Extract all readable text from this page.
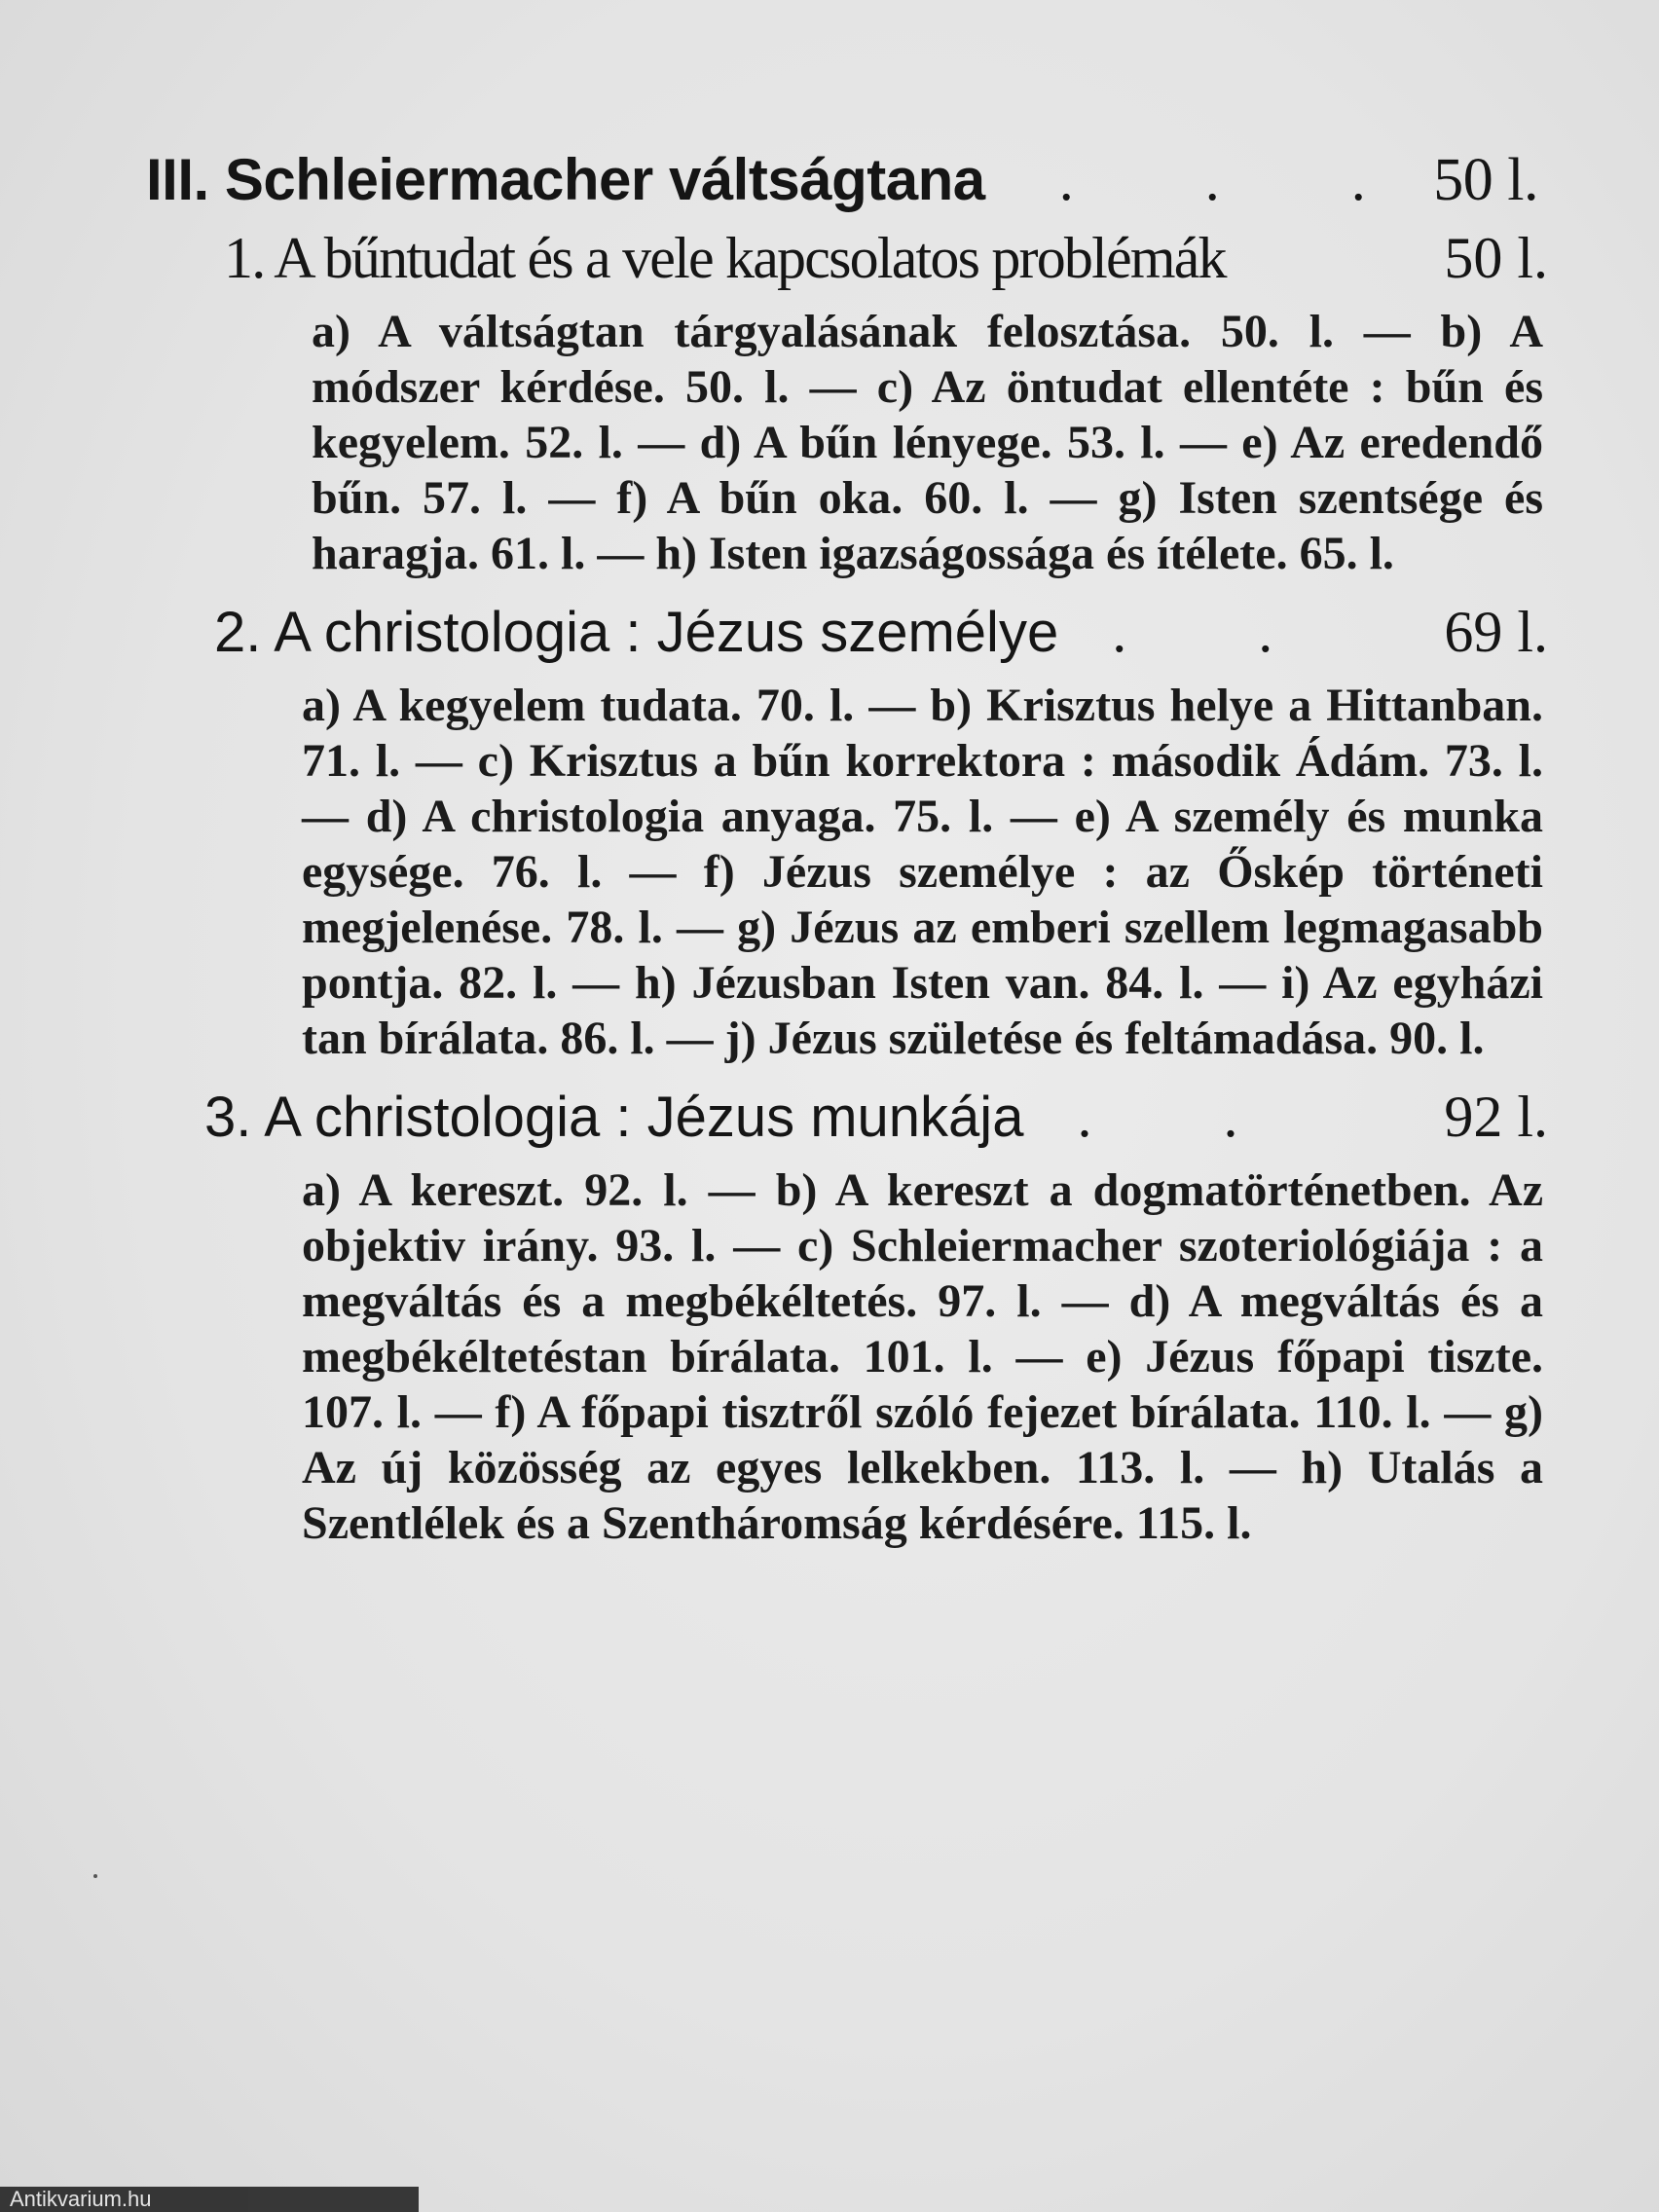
III. Schleiermacher váltságtana . . . 50 l.
1. A bűntudat és a vele kapcsolatos problémák	50 l.
a) A váltságtan tárgyalásának felosztása. 50. l. — b) A módszer kérdése. 50. l. — c) Az öntudat ellentéte : bűn és kegyelem. 52. l. — d) A bűn lényege. 53. l. — e) Az eredendő bűn. 57. l. — f) A bűn oka. 60. l. — g) Isten szentsége és haragja. 61. l. — h) Isten igazságossága és ítélete. 65. l.
2. A christologia : Jézus személye . . 69 l.
a) A kegyelem tudata. 70. l. — b) Krisztus helye a Hittanban. 71. l. — c) Krisztus a bűn korrektora : második Ádám. 73. l. — d) A christologia anyaga. 75. l. — e) A személy és munka egysége. 76. l. — f) Jézus személye : az Őskép történeti megjelenése. 78. l. — g) Jézus az emberi szellem legmagasabb pontja. 82. l. — h) Jézusban Isten van. 84. l. — i) Az egyházi tan bírálata. 86. l. — j) Jézus születése és feltámadása. 90. l.
3. A christologia : Jézus munkája . .	92 l.
a) A kereszt. 92. l. — b) A kereszt a dogmatörténetben. Az objektiv irány. 93. l. — c) Schleiermacher szoteriológiája : a megváltás és a megbékéltetés. 97. l. — d) A megváltás és a megbékéltetéstan bírálata. 101. l. — e) Jézus főpapi tiszte. 107. l. — f) A főpapi tisztről szóló fejezet bírálata. 110. l. — g) Az új közösség az egyes lelkekben. 113. l. — h) Utalás a Szentlélek és a Szentháromság kérdésére. 115. l.
Antikvarium.hu
